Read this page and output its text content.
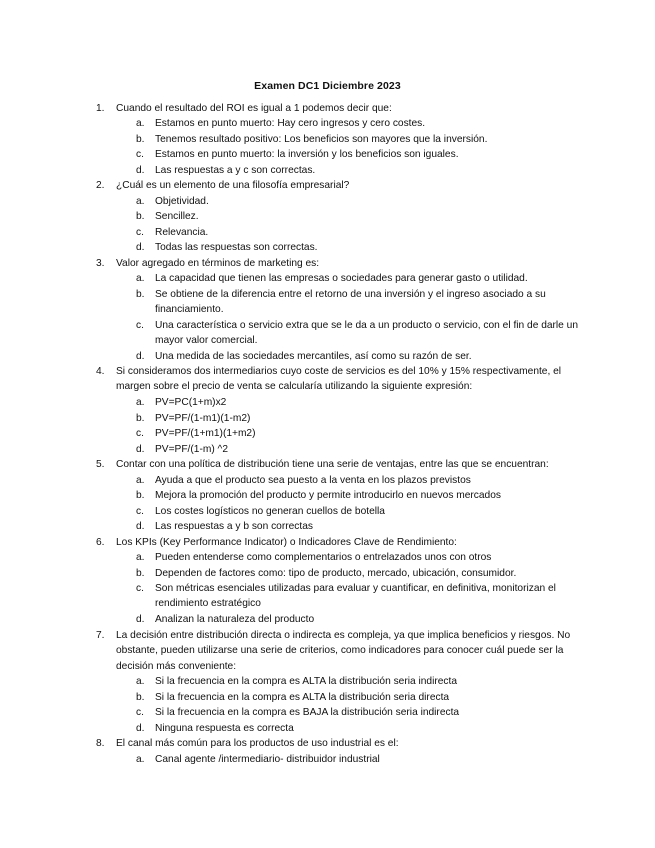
Examen DC1 Diciembre 2023
1. Cuando el resultado del ROI es igual a 1 podemos decir que:
a. Estamos en punto muerto: Hay cero ingresos y cero costes.
b. Tenemos resultado positivo: Los beneficios son mayores que la inversión.
c. Estamos en punto muerto: la inversión y los beneficios son iguales.
d. Las respuestas a y c son correctas.
2. ¿Cuál es un elemento de una filosofía empresarial?
a. Objetividad.
b. Sencillez.
c. Relevancia.
d. Todas las respuestas son correctas.
3. Valor agregado en términos de marketing es:
a. La capacidad que tienen las empresas o sociedades para generar gasto o utilidad.
b. Se obtiene de la diferencia entre el retorno de una inversión y el ingreso asociado a su financiamiento.
c. Una característica o servicio extra que se le da a un producto o servicio, con el fin de darle un mayor valor comercial.
d. Una medida de las sociedades mercantiles, así como su razón de ser.
4. Si consideramos dos intermediarios cuyo coste de servicios es del 10% y 15% respectivamente, el margen sobre el precio de venta se calcularía utilizando la siguiente expresión:
a. PV=PC(1+m)x2
b. PV=PF/(1-m1)(1-m2)
c. PV=PF/(1+m1)(1+m2)
d. PV=PF/(1-m) ^2
5. Contar con una política de distribución tiene una serie de ventajas, entre las que se encuentran:
a. Ayuda a que el producto sea puesto a la venta en los plazos previstos
b. Mejora la promoción del producto y permite introducirlo en nuevos mercados
c. Los costes logísticos no generan cuellos de botella
d. Las respuestas a y b son correctas
6. Los KPIs (Key Performance Indicator) o Indicadores Clave de Rendimiento:
a. Pueden entenderse como complementarios o entrelazados unos con otros
b. Dependen de factores como: tipo de producto, mercado, ubicación, consumidor.
c. Son métricas esenciales utilizadas para evaluar y cuantificar, en definitiva, monitorizan el rendimiento estratégico
d. Analizan la naturaleza del producto
7. La decisión entre distribución directa o indirecta es compleja, ya que implica beneficios y riesgos. No obstante, pueden utilizarse una serie de criterios, como indicadores para conocer cuál puede ser la decisión más conveniente:
a. Si la frecuencia en la compra es ALTA la distribución seria indirecta
b. Si la frecuencia en la compra es ALTA la distribución seria directa
c. Si la frecuencia en la compra es BAJA la distribución seria indirecta
d. Ninguna respuesta es correcta
8. El canal más común para los productos de uso industrial es el:
a. Canal agente /intermediario- distribuidor industrial
